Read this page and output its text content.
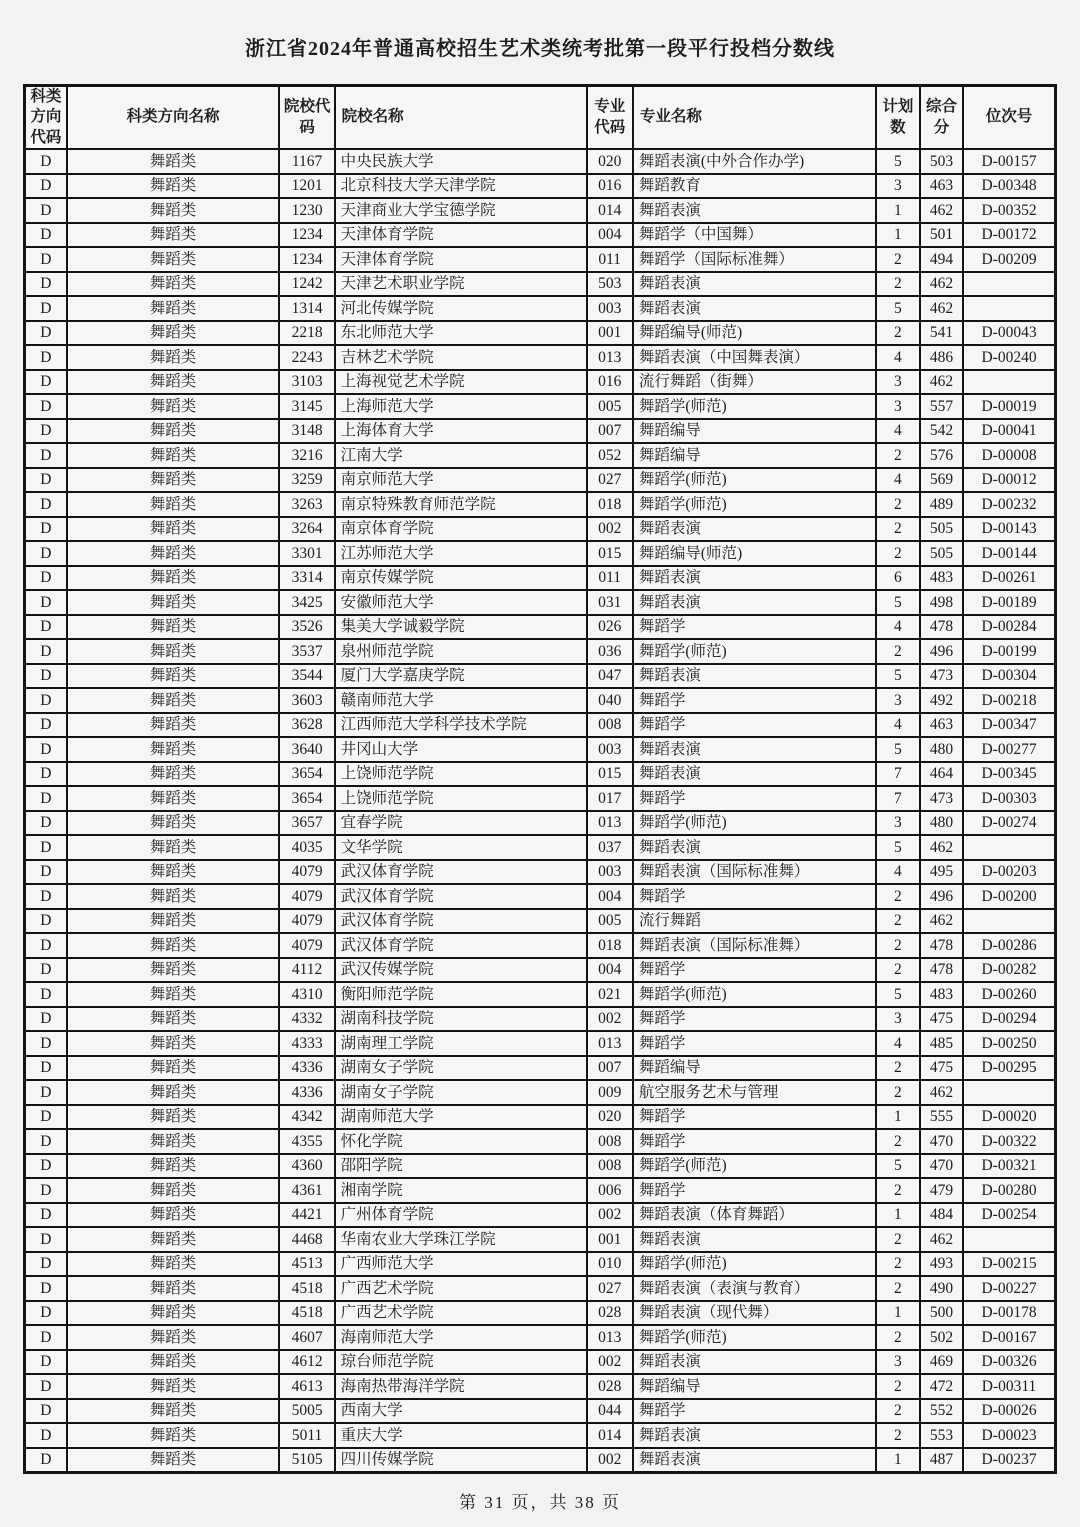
浙江省2024年普通高校招生艺术类统考批第一段平行投档分数线
科类方向代码	科类方向名称	院校代码	院校名称	专业代码	专业名称	计划数	综合分	位次号
D	舞蹈类	1167	中央民族大学	020	舞蹈表演(中外合作办学)	5	503	D-00157
D	舞蹈类	1201	北京科技大学天津学院	016	舞蹈教育	3	463	D-00348
D	舞蹈类	1230	天津商业大学宝德学院	014	舞蹈表演	1	462	D-00352
D	舞蹈类	1234	天津体育学院	004	舞蹈学（中国舞）	1	501	D-00172
D	舞蹈类	1234	天津体育学院	011	舞蹈学（国际标准舞）	2	494	D-00209
D	舞蹈类	1242	天津艺术职业学院	503	舞蹈表演	2	462	
D	舞蹈类	1314	河北传媒学院	003	舞蹈表演	5	462	
D	舞蹈类	2218	东北师范大学	001	舞蹈编导(师范)	2	541	D-00043
D	舞蹈类	2243	吉林艺术学院	013	舞蹈表演（中国舞表演）	4	486	D-00240
D	舞蹈类	3103	上海视觉艺术学院	016	流行舞蹈（街舞）	3	462	
D	舞蹈类	3145	上海师范大学	005	舞蹈学(师范)	3	557	D-00019
D	舞蹈类	3148	上海体育大学	007	舞蹈编导	4	542	D-00041
D	舞蹈类	3216	江南大学	052	舞蹈编导	2	576	D-00008
D	舞蹈类	3259	南京师范大学	027	舞蹈学(师范)	4	569	D-00012
D	舞蹈类	3263	南京特殊教育师范学院	018	舞蹈学(师范)	2	489	D-00232
D	舞蹈类	3264	南京体育学院	002	舞蹈表演	2	505	D-00143
D	舞蹈类	3301	江苏师范大学	015	舞蹈编导(师范)	2	505	D-00144
D	舞蹈类	3314	南京传媒学院	011	舞蹈表演	6	483	D-00261
D	舞蹈类	3425	安徽师范大学	031	舞蹈表演	5	498	D-00189
D	舞蹈类	3526	集美大学诚毅学院	026	舞蹈学	4	478	D-00284
D	舞蹈类	3537	泉州师范学院	036	舞蹈学(师范)	2	496	D-00199
D	舞蹈类	3544	厦门大学嘉庚学院	047	舞蹈表演	5	473	D-00304
D	舞蹈类	3603	赣南师范大学	040	舞蹈学	3	492	D-00218
D	舞蹈类	3628	江西师范大学科学技术学院	008	舞蹈学	4	463	D-00347
D	舞蹈类	3640	井冈山大学	003	舞蹈表演	5	480	D-00277
D	舞蹈类	3654	上饶师范学院	015	舞蹈表演	7	464	D-00345
D	舞蹈类	3654	上饶师范学院	017	舞蹈学	7	473	D-00303
D	舞蹈类	3657	宜春学院	013	舞蹈学(师范)	3	480	D-00274
D	舞蹈类	4035	文华学院	037	舞蹈表演	5	462	
D	舞蹈类	4079	武汉体育学院	003	舞蹈表演（国际标准舞）	4	495	D-00203
D	舞蹈类	4079	武汉体育学院	004	舞蹈学	2	496	D-00200
D	舞蹈类	4079	武汉体育学院	005	流行舞蹈	2	462	
D	舞蹈类	4079	武汉体育学院	018	舞蹈表演（国际标准舞）	2	478	D-00286
D	舞蹈类	4112	武汉传媒学院	004	舞蹈学	2	478	D-00282
D	舞蹈类	4310	衡阳师范学院	021	舞蹈学(师范)	5	483	D-00260
D	舞蹈类	4332	湖南科技学院	002	舞蹈学	3	475	D-00294
D	舞蹈类	4333	湖南理工学院	013	舞蹈学	4	485	D-00250
D	舞蹈类	4336	湖南女子学院	007	舞蹈编导	2	475	D-00295
D	舞蹈类	4336	湖南女子学院	009	航空服务艺术与管理	2	462	
D	舞蹈类	4342	湖南师范大学	020	舞蹈学	1	555	D-00020
D	舞蹈类	4355	怀化学院	008	舞蹈学	2	470	D-00322
D	舞蹈类	4360	邵阳学院	008	舞蹈学(师范)	5	470	D-00321
D	舞蹈类	4361	湘南学院	006	舞蹈学	2	479	D-00280
D	舞蹈类	4421	广州体育学院	002	舞蹈表演（体育舞蹈）	1	484	D-00254
D	舞蹈类	4468	华南农业大学珠江学院	001	舞蹈表演	2	462	
D	舞蹈类	4513	广西师范大学	010	舞蹈学(师范)	2	493	D-00215
D	舞蹈类	4518	广西艺术学院	027	舞蹈表演（表演与教育）	2	490	D-00227
D	舞蹈类	4518	广西艺术学院	028	舞蹈表演（现代舞）	1	500	D-00178
D	舞蹈类	4607	海南师范大学	013	舞蹈学(师范)	2	502	D-00167
D	舞蹈类	4612	琼台师范学院	002	舞蹈表演	3	469	D-00326
D	舞蹈类	4613	海南热带海洋学院	028	舞蹈编导	2	472	D-00311
D	舞蹈类	5005	西南大学	044	舞蹈学	2	552	D-00026
D	舞蹈类	5011	重庆大学	014	舞蹈表演	2	553	D-00023
D	舞蹈类	5105	四川传媒学院	002	舞蹈表演	1	487	D-00237
第 31 页，共 38 页
